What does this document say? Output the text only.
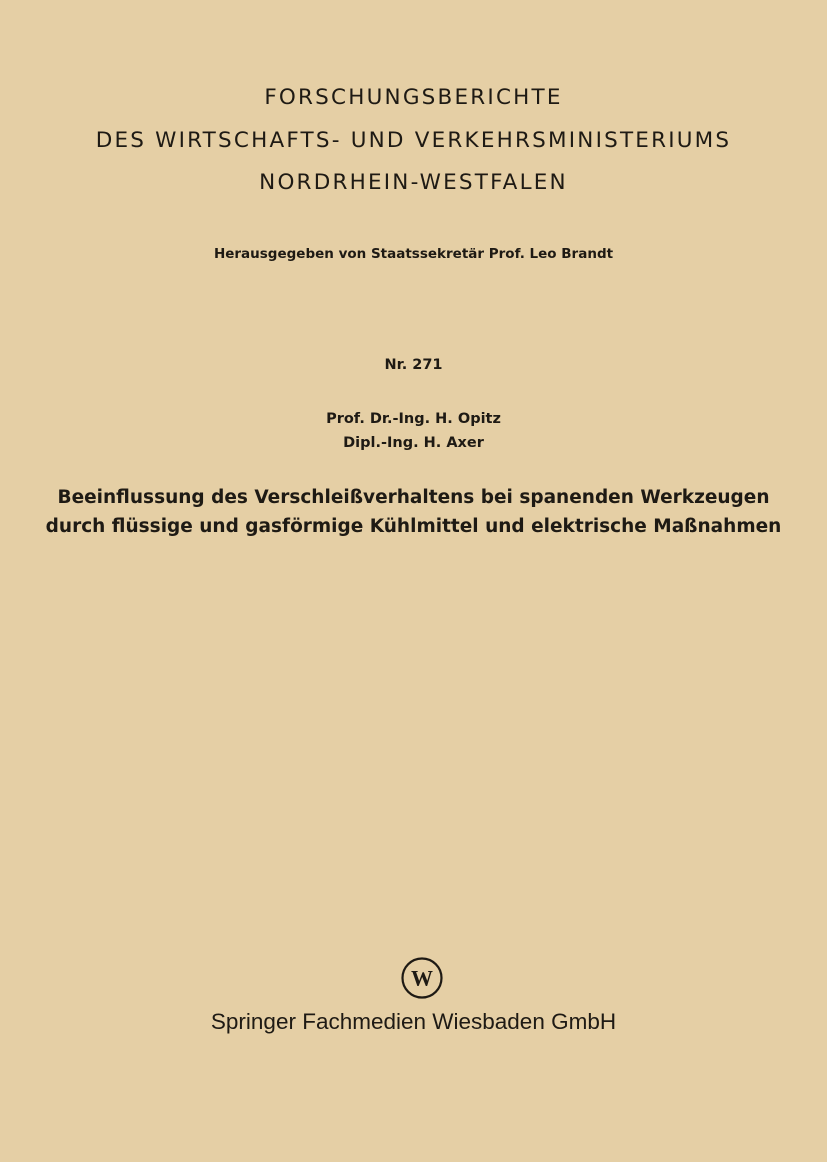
FORSCHUNGSBERICHTE
DES WIRTSCHAFTS- UND VERKEHRSMINISTERIUMS
NORDRHEIN-WESTFALEN
Herausgegeben von Staatssekretär Prof. Leo Brandt
Nr. 271
Prof. Dr.-Ing. H. Opitz
Dipl.-Ing. H. Axer
Beeinflussung des Verschleißverhaltens bei spanenden Werkzeugen
durch flüssige und gasförmige Kühlmittel und elektrische Maßnahmen
W
Springer Fachmedien Wiesbaden GmbH
